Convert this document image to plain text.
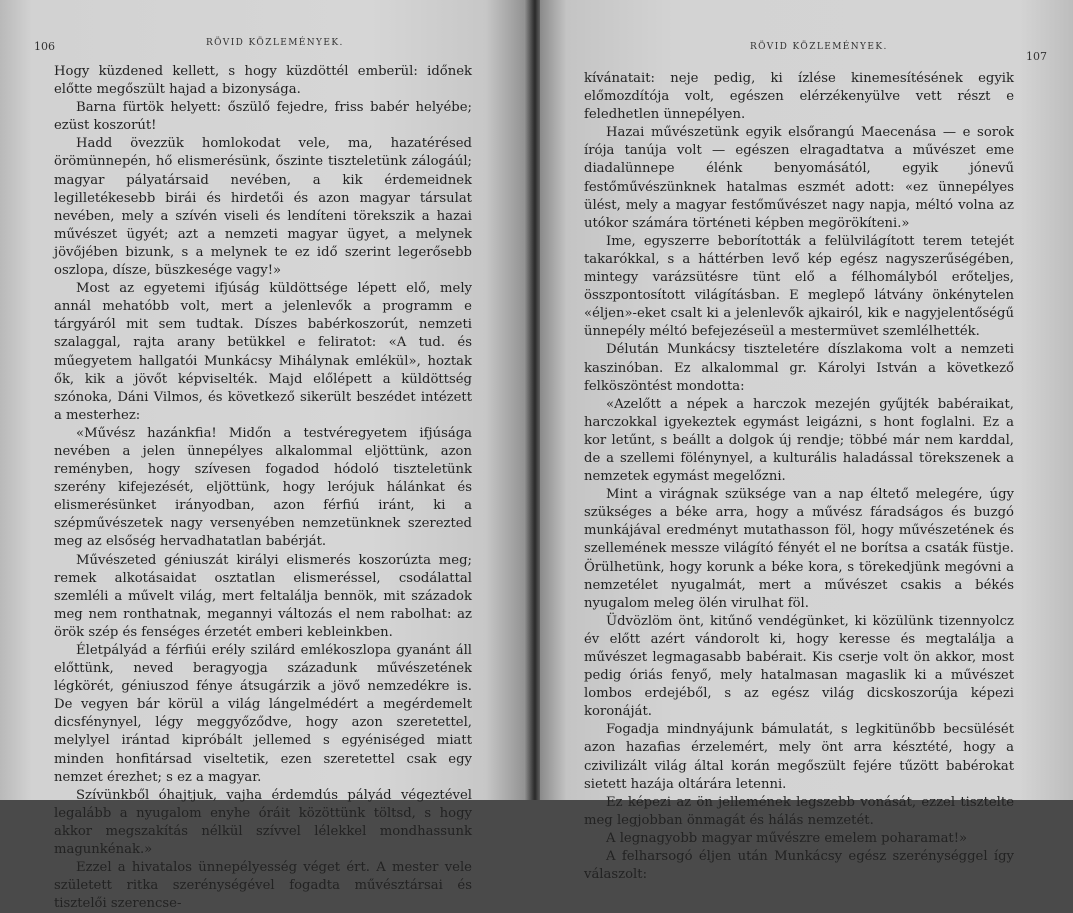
106	RÖVID KÖZLEMÉNYEK.

Hogy küzdened kellett, s hogy küzdöttél emberül: időnek előtte megőszült hajad a bizonysága.

Barna fürtök helyett: őszülő fejedre, friss babér helyébe; ezüst koszorút!

Hadd övezzük homlokodat vele, ma, hazatérésed örömünnepén, hő elismerésünk, őszinte tiszteletünk zálogáúl; magyar pályatársaid nevében, a kik érdemeidnek legilletékesebb birái és hirdetői és azon magyar társulat nevében, mely a szívén viseli és lendíteni törekszik a hazai művészet ügyét; azt a nemzeti magyar ügyet, a melynek jövőjében bizunk, s a melynek te ez idő szerint legerősebb oszlopa, dísze, büszkesége vagy!»

Most az egyetemi ifjúság küldöttsége lépett elő, mely annál mehatóbb volt, mert a jelenlevők a programm e tárgyáról mit sem tudtak. Díszes babérkoszorút, nemzeti szalaggal, rajta arany betükkel e feliratot: «A tud. és műegyetem hallgatói Munkácsy Mihálynak emlékül», hoztak ők, kik a jövőt képviselték. Majd előlépett a küldöttség szónoka, Dáni Vilmos, és következő sikerült beszédet intézett a mesterhez:

«Művész hazánkfia! Midőn a testvéregyetem ifjúsága nevében a jelen ünnepélyes alkalommal eljöttünk, azon reményben, hogy szívesen fogadod hódoló tiszteletünk szerény kifejezését, eljöttünk, hogy lerójuk hálánkat és elismerésünket irányodban, azon férfiú iránt, ki a szépművészetek nagy versenyében nemzetünknek szerezted meg az elsőség hervadhatatlan babérját.

Művészeted géniuszát királyi elismerés koszorúzta meg; remek alkotásaidat osztatlan elismeréssel, csodálattal szemléli a művelt világ, mert feltalálja bennök, mit századok meg nem ronthatnak, megannyi változás el nem rabolhat: az örök szép és fenséges érzetét emberi kebleinkben.

Életpályád a férfiúi erély szilárd emlékoszlopa gyanánt áll előttünk, neved beragyogja századunk művészetének légkörét, géniuszod fénye átsugárzik a jövő nemzedékre is. De vegyen bár körül a világ lángelmédért a megérdemelt dicsfénynyel, légy meggyőződve, hogy azon szeretettel, melylyel irántad kipróbált jellemed s egyéniséged miatt minden honfitársad viseltetik, ezen szeretettel csak egy nemzet érezhet; s ez a magyar.

Szívünkből óhajtjuk, vajha érdemdús pályád végeztével legalább a nyugalom enyhe óráit közöttünk töltsd, s hogy akkor megszakítás nélkül szívvel lélekkel mondhassunk magunkénak.»

Ezzel a hivatalos ünnepélyesség véget ért. A mester vele született ritka szerénységével fogadta művésztársai és tisztelői szerencse-

RÖVID KÖZLEMÉNYEK.
107

kívánatait: neje pedig, ki ízlése kinemesítésének egyik előmozdítója volt, egészen elérzékenyülve vett részt e feledhetlen ünnepélyen.

Hazai művészetünk egyik elsőrangú Maecenása — e sorok írója tanúja volt — egészen elragadtatva a művészet eme diadalünnepe élénk benyomásától, egyik jónevű festőművészünknek hatalmas eszmét adott: «ez ünnepélyes ülést, mely a magyar festőművészet nagy napja, méltó volna az utókor számára történeti képben megörökíteni.»

Ime, egyszerre beborították a felülvilágított terem tetejét takarókkal, s a háttérben levő kép egész nagyszerűségében, mintegy varázsütésre tünt elő a félhomályból erőteljes, összpontosított világításban. E meglepő látvány önkénytelen «éljen»-eket csalt ki a jelenlevők ajkairól, kik e nagyjelentőségű ünnepély méltó befejezéseül a mestermüvet szemlélhették.

Délután Munkácsy tiszteletére díszlakoma volt a nemzeti kaszinóban. Ez alkalommal gr. Károlyi István a következő felköszöntést mondotta:

«Azelőtt a népek a harczok mezején gyűjték babéraikat, harczokkal igyekeztek egymást leigázni, s hont foglalni. Ez a kor letűnt, s beállt a dolgok új rendje; többé már nem karddal, de a szellemi fölénynyel, a kulturális haladással törekszenek a nemzetek egymást megelőzni.

Mint a virágnak szüksége van a nap éltető melegére, úgy szükséges a béke arra, hogy a művész fáradságos és buzgó munkájával eredményt mutathasson föl, hogy művészetének és szellemének messze világító fényét el ne borítsa a csaták füstje. Örülhetünk, hogy korunk a béke kora, s törekedjünk megóvni a nemzetélet nyugalmát, mert a művészet csakis a békés nyugalom meleg ölén virulhat föl.

Üdvözlöm önt, kitűnő vendégünket, ki közülünk tizennyolcz év előtt azért vándorolt ki, hogy keresse és megtalálja a művészet legmagasabb babérait. Kis cserje volt ön akkor, most pedig óriás fenyő, mely hatalmasan magaslik ki a művészet lombos erdejéből, s az egész világ dicskoszorúja képezi koronáját.

Fogadja mindnyájunk bámulatát, s legkitünőbb becsülését azon hazafias érzelemért, mely önt arra késztété, hogy a czivilizált világ által korán megőszült fejére tűzött babérokat sietett hazája oltárára letenni.

Ez képezi az ön jellemének legszebb vonását, ezzel tisztelte meg legjobban önmagát és hálás nemzetét.

A legnagyobb magyar művészre emelem poharamat!»

A felharsogó éljen után Munkácsy egész szerénységgel így válaszolt:
